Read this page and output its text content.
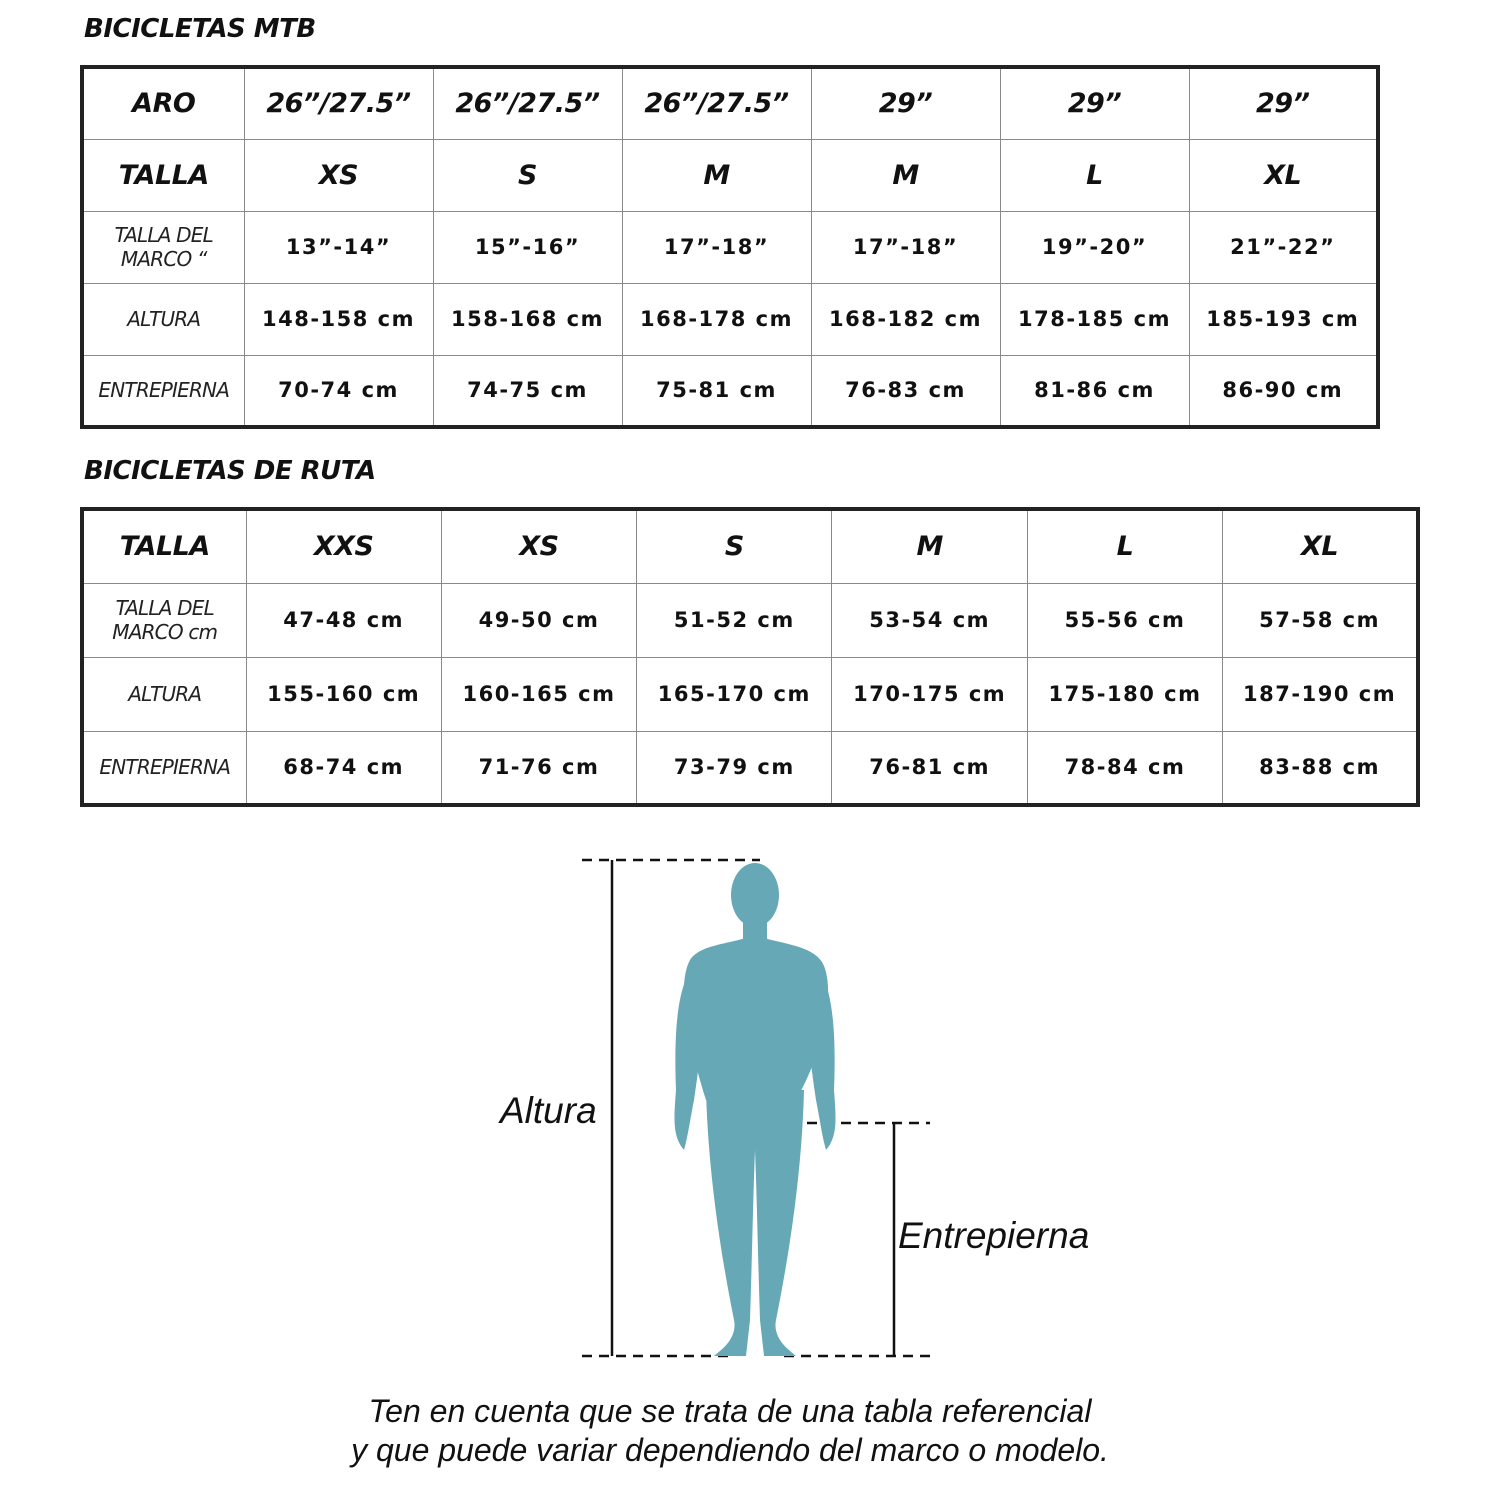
BICICLETAS MTB
ARO	26”/27.5”	26”/27.5”	26”/27.5”	29”	29”	29”
TALLA	XS	S	M	M	L	XL

TALLA DEL
MARCO “	13”-14”	15”-16”	17”-18”	17”-18”	19”-20”	21”-22”
ALTURA	148-158 cm	158-168 cm	168-178 cm	168-182 cm	178-185 cm	185-193 cm
ENTREPIERNA	70-74 cm	74-75 cm	75-81 cm	76-83 cm	81-86 cm	86-90 cm
BICICLETAS DE RUTA
TALLA	XXS	XS	S	M	L	XL

TALLA DEL
MARCO cm	47-48 cm	49-50 cm	51-52 cm	53-54 cm	55-56 cm	57-58 cm
ALTURA	155-160 cm	160-165 cm	165-170 cm	170-175 cm	175-180 cm	187-190 cm
ENTREPIERNA	68-74 cm	71-76 cm	73-79 cm	76-81 cm	78-84 cm	83-88 cm

Altura

Entrepierna

Ten en cuenta que se trata de una tabla referencial

y que puede variar dependiendo del marco o modelo.
